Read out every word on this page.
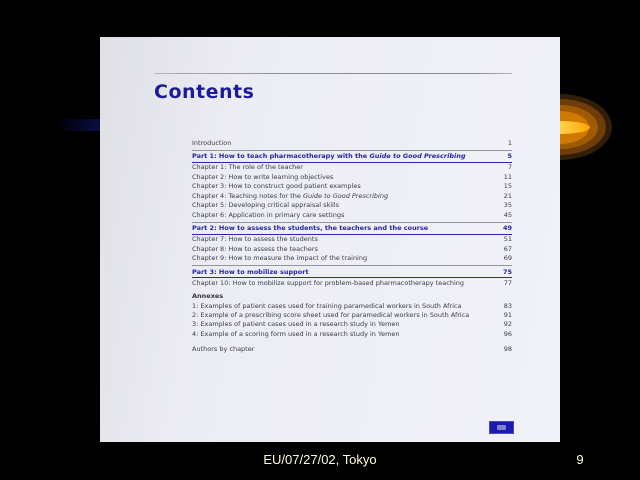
Contents
Introduction	1
Part 1: How to teach pharmacotherapy with the Guide to Good Prescribing	5
Chapter 1: The role of the teacher	7
Chapter 2: How to write learning objectives	11
Chapter 3: How to construct good patient examples	15
Chapter 4: Teaching notes for the Guide to Good Prescribing	21
Chapter 5: Developing critical appraisal skills	35
Chapter 6: Application in primary care settings	45
Part 2: How to assess the students, the teachers and the course	49
Chapter 7: How to assess the students	51
Chapter 8: How to assess the teachers	67
Chapter 9: How to measure the impact of the training	69
Part 3: How to mobilize support	75
Chapter 10: How to mobilize support for problem-based pharmacotherapy teaching	77
Annexes
1: Examples of patient cases used for training paramedical workers in South Africa	83
2: Example of a prescribing score sheet used for paramedical workers in South Africa	91
3: Examples of patient cases used in a research study in Yemen	92
4: Example of a scoring form used in a research study in Yemen	96
Authors by chapter	98
EU/07/27/02, Tokyo	9
